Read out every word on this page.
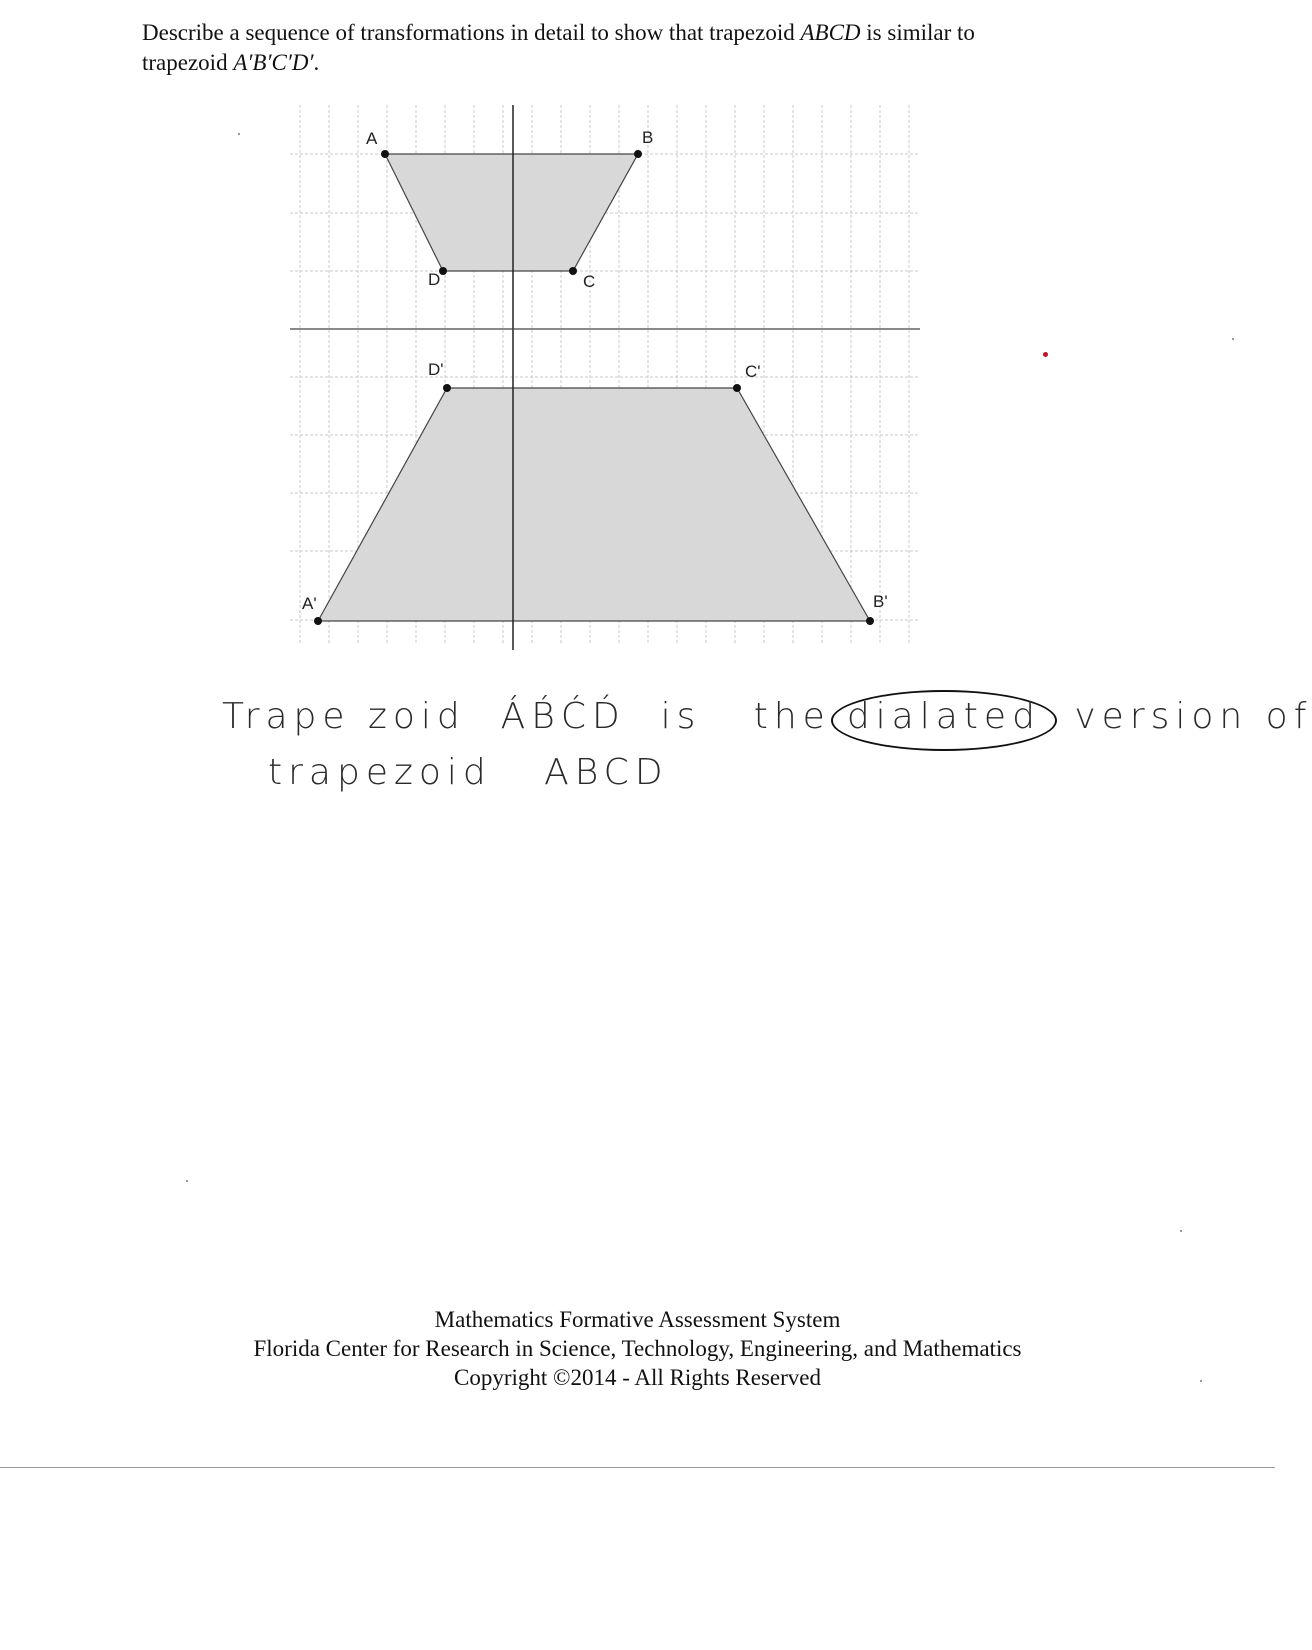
Describe a sequence of transformations in detail to show that trapezoid ABCD is similar to
trapezoid A′B′C′D′.
A	B
C
D
A'	B'
C'
D'
Trape zoid ÁB́ĆD́ is the dialated version of
trapezoid ABCD
Mathematics Formative Assessment System
Florida Center for Research in Science, Technology, Engineering, and Mathematics
Copyright ©2014 - All Rights Reserved
